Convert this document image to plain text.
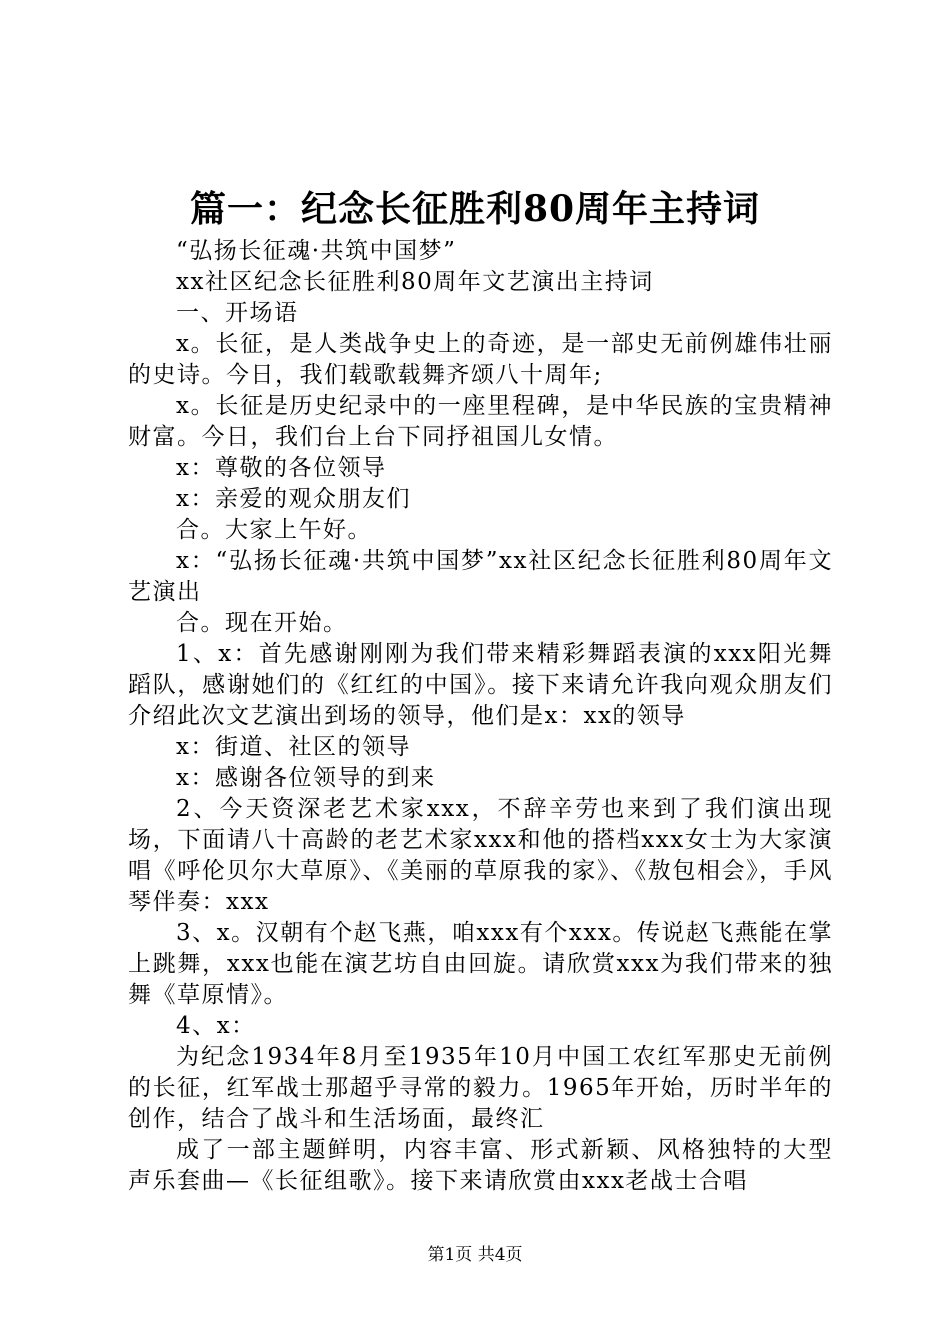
篇一：纪念长征胜利80周年主持词

“弘扬长征魂·共筑中国梦”

xx社区纪念长征胜利80周年文艺演出主持词

一、开场语

x。长征，是人类战争史上的奇迹，是一部史无前例雄伟壮丽的史诗。今日，我们载歌载舞齐颂八十周年;

x。长征是历史纪录中的一座里程碑，是中华民族的宝贵精神财富。今日，我们台上台下同抒祖国儿女情。

x：尊敬的各位领导

x：亲爱的观众朋友们

合。大家上午好。

x：“弘扬长征魂·共筑中国梦”xx社区纪念长征胜利80周年文艺演出

合。现在开始。

1、x：首先感谢刚刚为我们带来精彩舞蹈表演的xxx阳光舞蹈队，感谢她们的《红红的中国》。接下来请允许我向观众朋友们介绍此次文艺演出到场的领导，他们是x：xx的领导

x：街道、社区的领导

x：感谢各位领导的到来

2、今天资深老艺术家xxx，不辞辛劳也来到了我们演出现场，下面请八十高龄的老艺术家xxx和他的搭档xxx女士为大家演唱《呼伦贝尔大草原》、《美丽的草原我的家》、《敖包相会》，手风琴伴奏：xxx

3、x。汉朝有个赵飞燕，咱xxx有个xxx。传说赵飞燕能在掌上跳舞，xxx也能在演艺坊自由回旋。请欣赏xxx为我们带来的独舞《草原情》。

4、x：

为纪念1934年8月至1935年10月中国工农红军那史无前例的长征，红军战士那超乎寻常的毅力。1965年开始，历时半年的创作，结合了战斗和生活场面，最终汇

成了一部主题鲜明，内容丰富、形式新颖、风格独特的大型声乐套曲—《长征组歌》。接下来请欣赏由xxx老战士合唱

第1页 共4页
